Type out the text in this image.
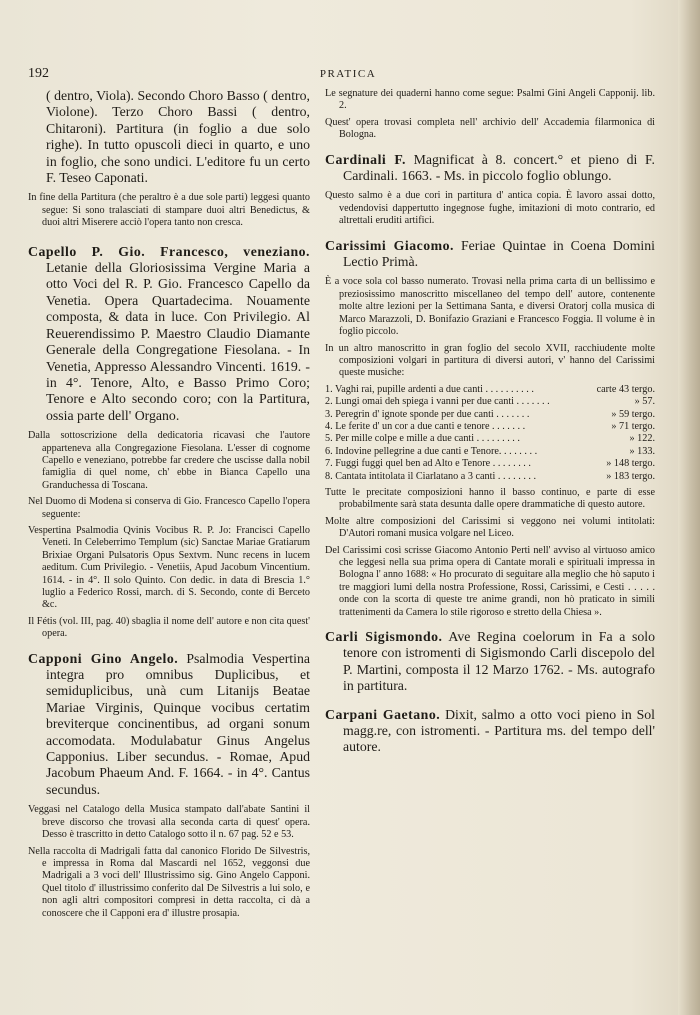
192	PRATICA

( dentro, Viola). Secondo Choro Basso ( dentro, Violone). Terzo Choro Bassi ( dentro, Chitaroni). Partitura (in foglio a due solo righe). In tutto opuscoli dieci in quarto, e uno in foglio, che sono undici. L'editore fu un certo F. Teseo Caponati.

In fine della Partitura (che peraltro è a due sole parti) leggesi quanto segue: Si sono tralasciati di stampare duoi altri Benedictus, & duoi altri Miserere acciò l'opera tanto non cresca.

Capello P. Gio. Francesco, veneziano. Letanie della Gloriosissima Vergine Maria a otto Voci del R. P. Gio. Francesco Capello da Venetia. Opera Quartadecima. Nouamente composta, & data in luce. Con Privilegio. Al Reuerendissimo P. Maestro Claudio Diamante Generale della Congregatione Fiesolana. - In Venetia, Appresso Alessandro Vincenti. 1619. - in 4°. Tenore, Alto, e Basso Primo Coro; Tenore e Alto secondo coro; con la Partitura, ossia parte dell' Organo.

Dalla sottoscrizione della dedicatoria ricavasi che l'autore apparteneva alla Congregazione Fiesolana. L'esser di cognome Capello e veneziano, potrebbe far credere che uscisse dalla nobil famiglia di quel nome, ch' ebbe in Bianca Capello una Granduchessa di Toscana.

Nel Duomo di Modena si conserva di Gio. Francesco Capello l'opera seguente:

Vespertina Psalmodia Qvinis Vocibus R. P. Jo: Francisci Capello Veneti. In Celeberrimo Templum (sic) Sanctae Mariae Gratiarum Brixiae Organi Pulsatoris Opus Sextvm. Nunc recens in lucem aeditum. Cum Privilegio. - Venetiis, Apud Jacobum Vincentium. 1614. - in 4°. Il solo Quinto. Con dedic. in data di Brescia 1.° luglio a Federico Rossi, march. di S. Secondo, conte di Berceto &c.

Il Fétis (vol. III, pag. 40) sbaglia il nome dell' autore e non cita quest' opera.

Capponi Gino Angelo. Psalmodia Vespertina integra pro omnibus Duplicibus, et semiduplicibus, unà cum Litanijs Beatae Mariae Virginis, Quinque vocibus certatim breviterque concinentibus, ad organi sonum accomodata. Modulabatur Ginus Angelus Capponius. Liber secundus. - Romae, Apud Jacobum Phaeum And. F. 1664. - in 4°. Cantus secundus.

Veggasi nel Catalogo della Musica stampato dall'abate Santini il breve discorso che trovasi alla seconda carta di quest' opera. Desso è trascritto in detto Catalogo sotto il n. 67 pag. 52 e 53.

Nella raccolta di Madrigali fatta dal canonico Florido De Silvestris, e impressa in Roma dal Mascardi nel 1652, veggonsi due Madrigali a 3 voci dell' Illustrissimo sig. Gino Angelo Capponi. Quel titolo d' illustrissimo conferito dal De Silvestris a lui solo, e non agli altri compositori compresi in detta raccolta, ci dà a conoscere che il Capponi era d' illustre prosapia.

Le segnature dei quaderni hanno come segue: Psalmi Gini Angeli Capponij. lib. 2.

Quest' opera trovasi completa nell' archivio dell' Accademia filarmonica di Bologna.

Cardinali F. Magnificat à 8. concert.° et pieno di F. Cardinali. 1663. - Ms. in piccolo foglio oblungo.

Questo salmo è a due cori in partitura d' antica copia. È lavoro assai dotto, vedendovisi dappertutto ingegnose fughe, imitazioni di moto contrario, ed altrettali eruditi artifici.

Carissimi Giacomo. Feriae Quintae in Coena Domini Lectio Primà.

È a voce sola col basso numerato. Trovasi nella prima carta di un bellissimo e preziosissimo manoscritto miscellaneo del tempo dell' autore, contenente molte altre lezioni per la Settimana Santa, e diversi Oratorj colla musica di Marco Marazzoli, D. Bonifazio Graziani e Francesco Foggia. Il volume è in foglio piccolo.

In un altro manoscritto in gran foglio del secolo XVII, racchiudente molte composizioni volgari in partitura di diversi autori, v' hanno del Carissimi queste musiche:

1. Vaghi rai, pupille ardenti a due canti . . . . . . . . . .	carte 43 tergo.
2. Lungi omai deh spiega i vanni per due canti . . . . . . .	» 57.
3. Peregrin d' ignote sponde per due canti . . . . . . .	» 59 tergo.
4. Le ferite d' un cor a due canti e tenore . . . . . . .	» 71 tergo.
5. Per mille colpe e mille a due canti . . . . . . . . .	» 122.
6. Indovine pellegrine a due canti e Tenore. . . . . . . .	» 133.
7. Fuggi fuggi quel ben ad Alto e Tenore . . . . . . . .	» 148 tergo.
8. Cantata intitolata il Ciarlatano a 3 canti . . . . . . . .	» 183 tergo.

Tutte le precitate composizioni hanno il basso continuo, e parte di esse probabilmente sarà stata desunta dalle opere drammatiche di questo autore.

Molte altre composizioni del Carissimi si veggono nei volumi intitolati: D'Autori romani musica volgare nel Liceo.

Del Carissimi così scrisse Giacomo Antonio Perti nell' avviso al virtuoso amico che leggesi nella sua prima opera di Cantate morali e spirituali impressa in Bologna l' anno 1688: « Ho procurato di seguitare alla meglio che hò saputo i tre maggiori lumi della nostra Professione, Rossi, Carissimi, e Cesti . . . . . onde con la scorta di queste tre anime grandi, non hò praticato in simili trattenimenti da Camera lo stile rigoroso e stretto della Chiesa ».

Carli Sigismondo. Ave Regina coelorum in Fa a solo tenore con istromenti di Sigismondo Carli discepolo del P. Martini, composta il 12 Marzo 1762. - Ms. autografo in partitura.

Carpani Gaetano. Dixit, salmo a otto voci pieno in Sol magg.re, con istromenti. - Partitura ms. del tempo dell' autore.
